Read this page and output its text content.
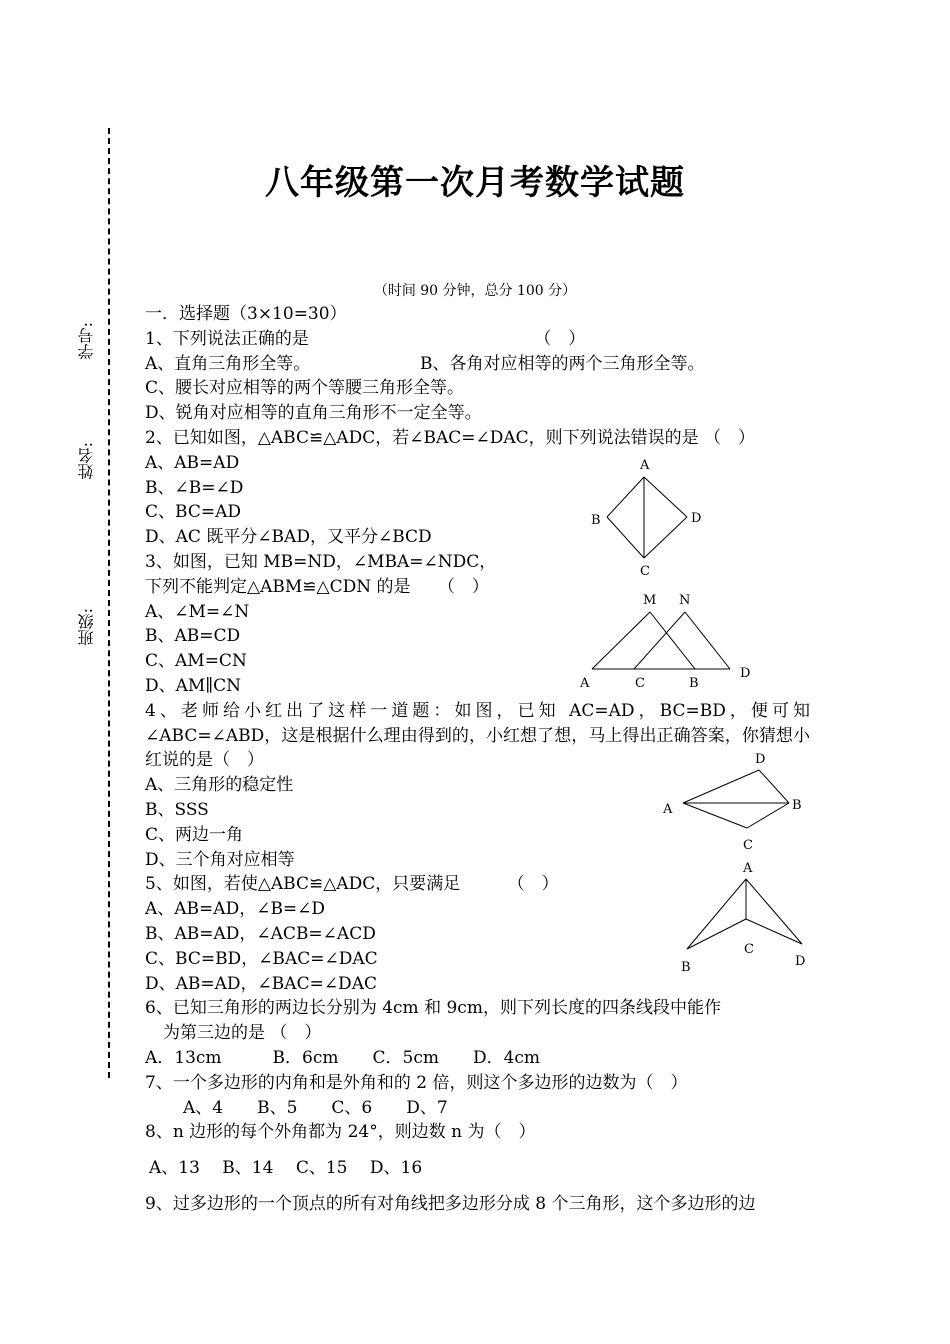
学号:
姓名:
班级:
八年级第一次月考数学试题
（时间 90 分钟，总分 100 分）
一．选择题（3×10=30）
1、下列说法正确的是	（　）
A、直角三角形全等。	B、各角对应相等的两个三角形全等。
C、腰长对应相等的两个等腰三角形全等。
D、锐角对应相等的直角三角形不一定全等。
2、已知如图，△ABC≌△ADC，若∠BAC=∠DAC，则下列说法错误的是 （　）
A、AB=AD
B、∠B=∠D
C、BC=AD
D、AC 既平分∠BAD，又平分∠BCD
3、如图，已知 MB=ND，∠MBA=∠NDC，
下列不能判定△ABM≌△CDN 的是 （　）
A、∠M=∠N
B、AB=CD
C、AM=CN
D、AM∥CN
4、老师给小红出了这样一道题：如图，已知 AC=AD，BC=BD，便可知∠ABC=∠ABD，这是根据什么理由得到的，小红想了想，马上得出正确答案，你猜想小红说的是（　）
A、三角形的稳定性
B、SSS
C、两边一角
D、三个角对应相等
5、如图，若使△ABC≌△ADC，只要满足	（　）
A、AB=AD，∠B=∠D
B、AB=AD，∠ACB=∠ACD
C、BC=BD，∠BAC=∠DAC
D、AB=AD，∠BAC=∠DAC
6、已知三角形的两边长分别为 4cm 和 9cm，则下列长度的四条线段中能作
为第三边的是 （　）
A．13cm　　　B．6cm　　C．5cm　　D．4cm
7、一个多边形的内角和是外角和的 2 倍，则这个多边形的边数为（　）
A、4　　B、5　　C、6　　D、7
8、n 边形的每个外角都为 24°，则边数 n 为（　）
A、13　 B、14　 C、15　 D、16
9、过多边形的一个顶点的所有对角线把多边形分成 8 个三角形，这个多边形的边
A
B	D
C
M N
A	C	B
D
D
A	B
C
A
C
B	D
